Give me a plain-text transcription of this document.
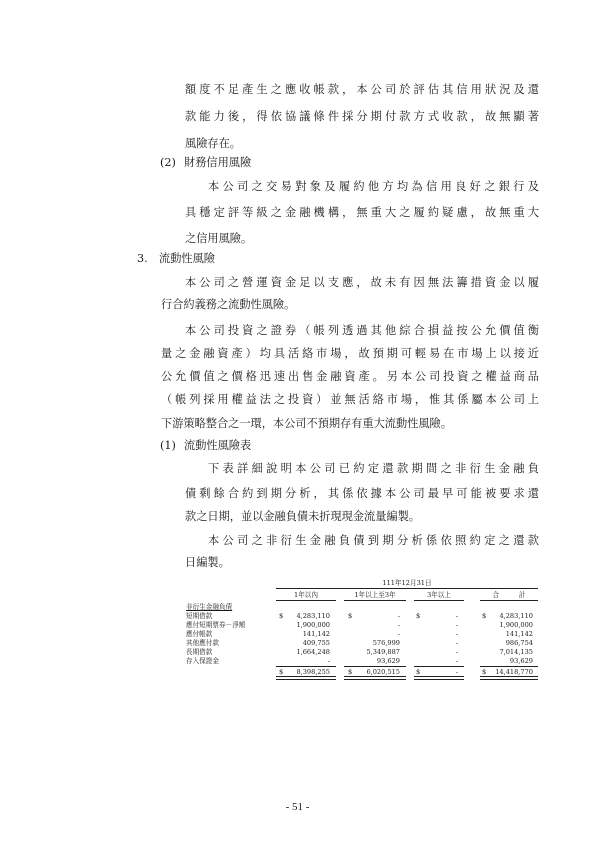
額度不足產生之應收帳款，本公司於評估其信用狀況及還
款能力後，得依協議條件採分期付款方式收款，故無顯著
風險存在。
(2) 財務信用風險
本公司之交易對象及履約他方均為信用良好之銀行及
具穩定評等級之金融機構，無重大之履約疑慮，故無重大
之信用風險。
3. 流動性風險
本公司之營運資金足以支應，故未有因無法籌措資金以履
行合約義務之流動性風險。
本公司投資之證券（帳列透過其他綜合損益按公允價值衡
量之金融資產）均具活絡市場，故預期可輕易在市場上以接近
公允價值之價格迅速出售金融資產。另本公司投資之權益商品
（帳列採用權益法之投資）並無活絡市場，惟其係屬本公司上
下游策略整合之一環，本公司不預期存有重大流動性風險。
(1) 流動性風險表
下表詳細說明本公司已約定還款期間之非衍生金融負
債剩餘合約到期分析，其係依據本公司最早可能被要求還
款之日期，並以金融負債未折現現金流量編製。
本公司之非衍生金融負債到期分析係依照約定之還款
日編製。
111年12月31日
1年以內	1年以上至3年	3年以上	合　　　計
非衍生金融負債
短期借款	$	4,283,110	$	- $	-	$	4,283,110
應付短期票券－淨額	1,900,000	-	-	1,900,000
應付帳款	141,142	-	-	141,142
其他應付款	409,755	576,999	-	986,754
長期借款	1,664,248	5,349,887	-	7,014,135
存入保證金	-	93,629	-	93,629
$	8,398,255	$	6,020,515 $	-	$	14,418,770
- 51 -
